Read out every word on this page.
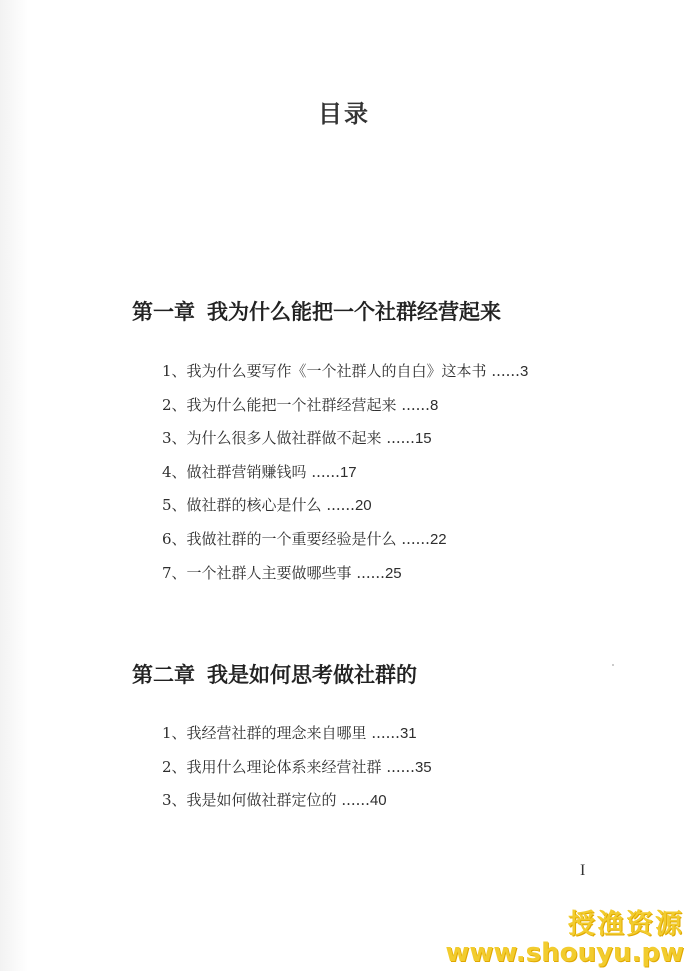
目录
第一章 我为什么能把一个社群经营起来
1、我为什么要写作《一个社群人的自白》这本书 ......3
2、我为什么能把一个社群经营起来 ......8
3、为什么很多人做社群做不起来 ......15
4、做社群营销赚钱吗 ......17
5、做社群的核心是什么 ......20
6、我做社群的一个重要经验是什么 ......22
7、一个社群人主要做哪些事 ......25
第二章 我是如何思考做社群的
1、我经营社群的理念来自哪里 ......31
2、我用什么理论体系来经营社群 ......35
3、我是如何做社群定位的 ......40
I
授渔资源
www.shouyu.pw
